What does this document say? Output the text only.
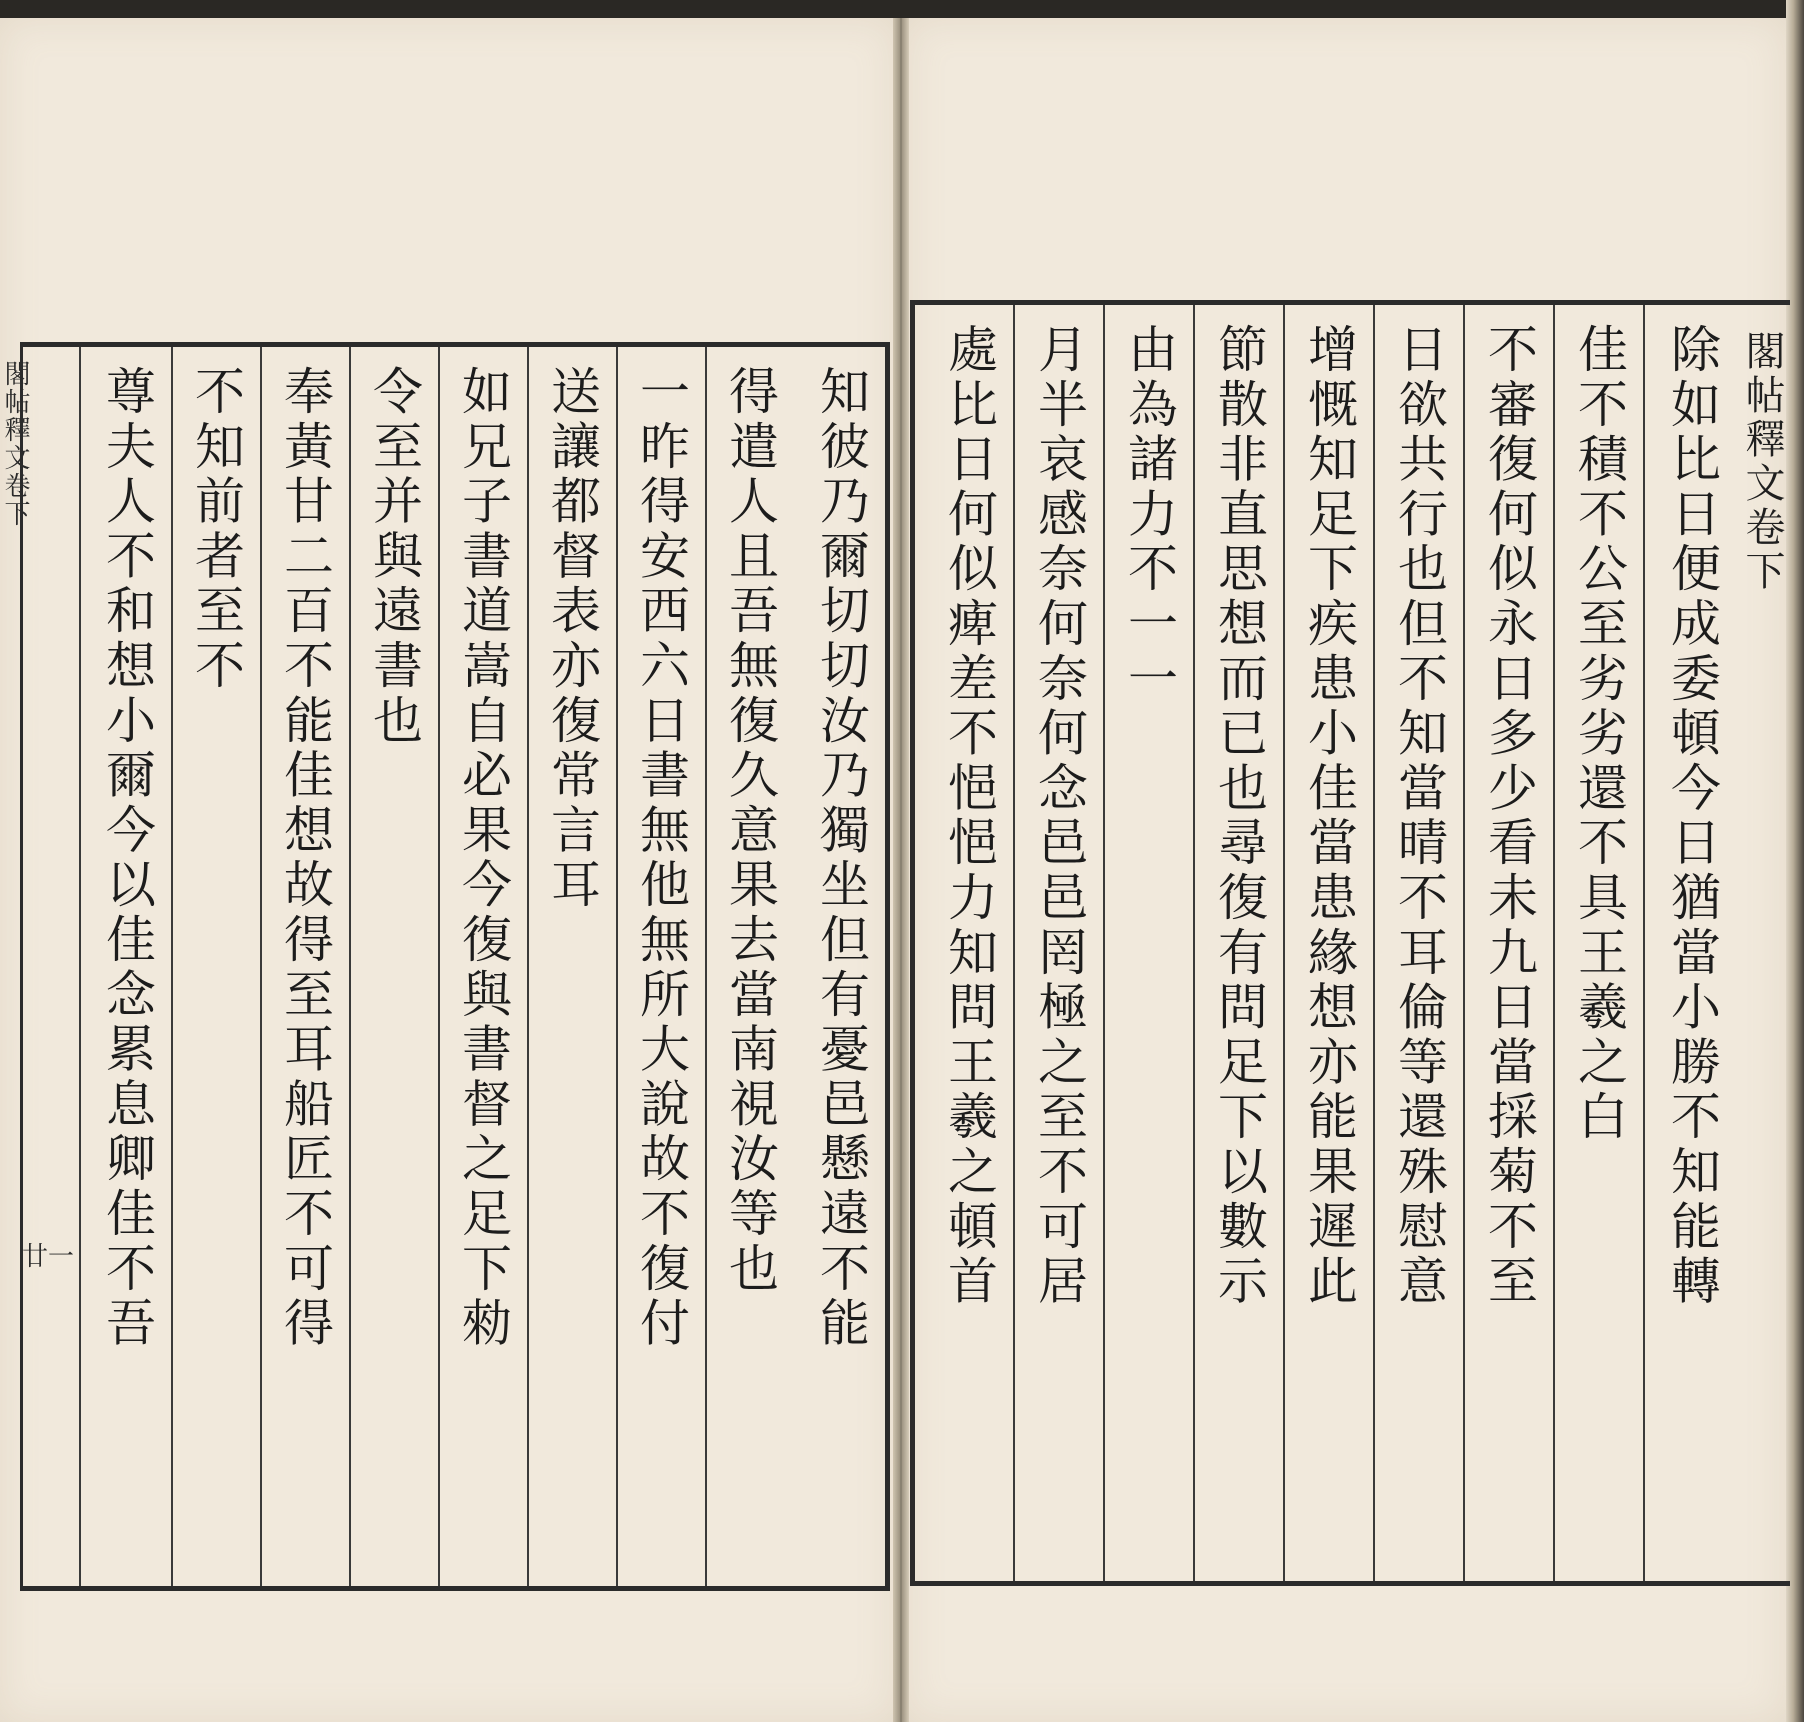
閣帖釋文卷下
廿一	知彼乃爾切切汝乃獨坐但有憂邑懸遠不能
得遣人且吾無復久意果去當南視汝等也
一昨得安西六日書無他無所大說故不復付
送讓都督表亦復常言耳
如兄子書道嵩自必果今復與書督之足下勑
令至并與遠書也
奉黃甘二百不能佳想故得至耳船匠不可得
不知前者至不
尊夫人不和想小爾今以佳念累息卿佳不吾	除如比日便成委頓今日猶當小勝不知能轉
佳不積不公至劣劣還不具王羲之白
不審復何似永日多少看未九日當採菊不至
日欲共行也但不知當晴不耳倫等還殊慰意
增慨知足下疾患小佳當患緣想亦能果遲此
節散非直思想而已也尋復有問足下以數示
由為諸力不一一
月半哀感奈何奈何念邑邑罔極之至不可居
處比日何似痺差不悒悒力知問王羲之頓首	閣帖釋文卷下
